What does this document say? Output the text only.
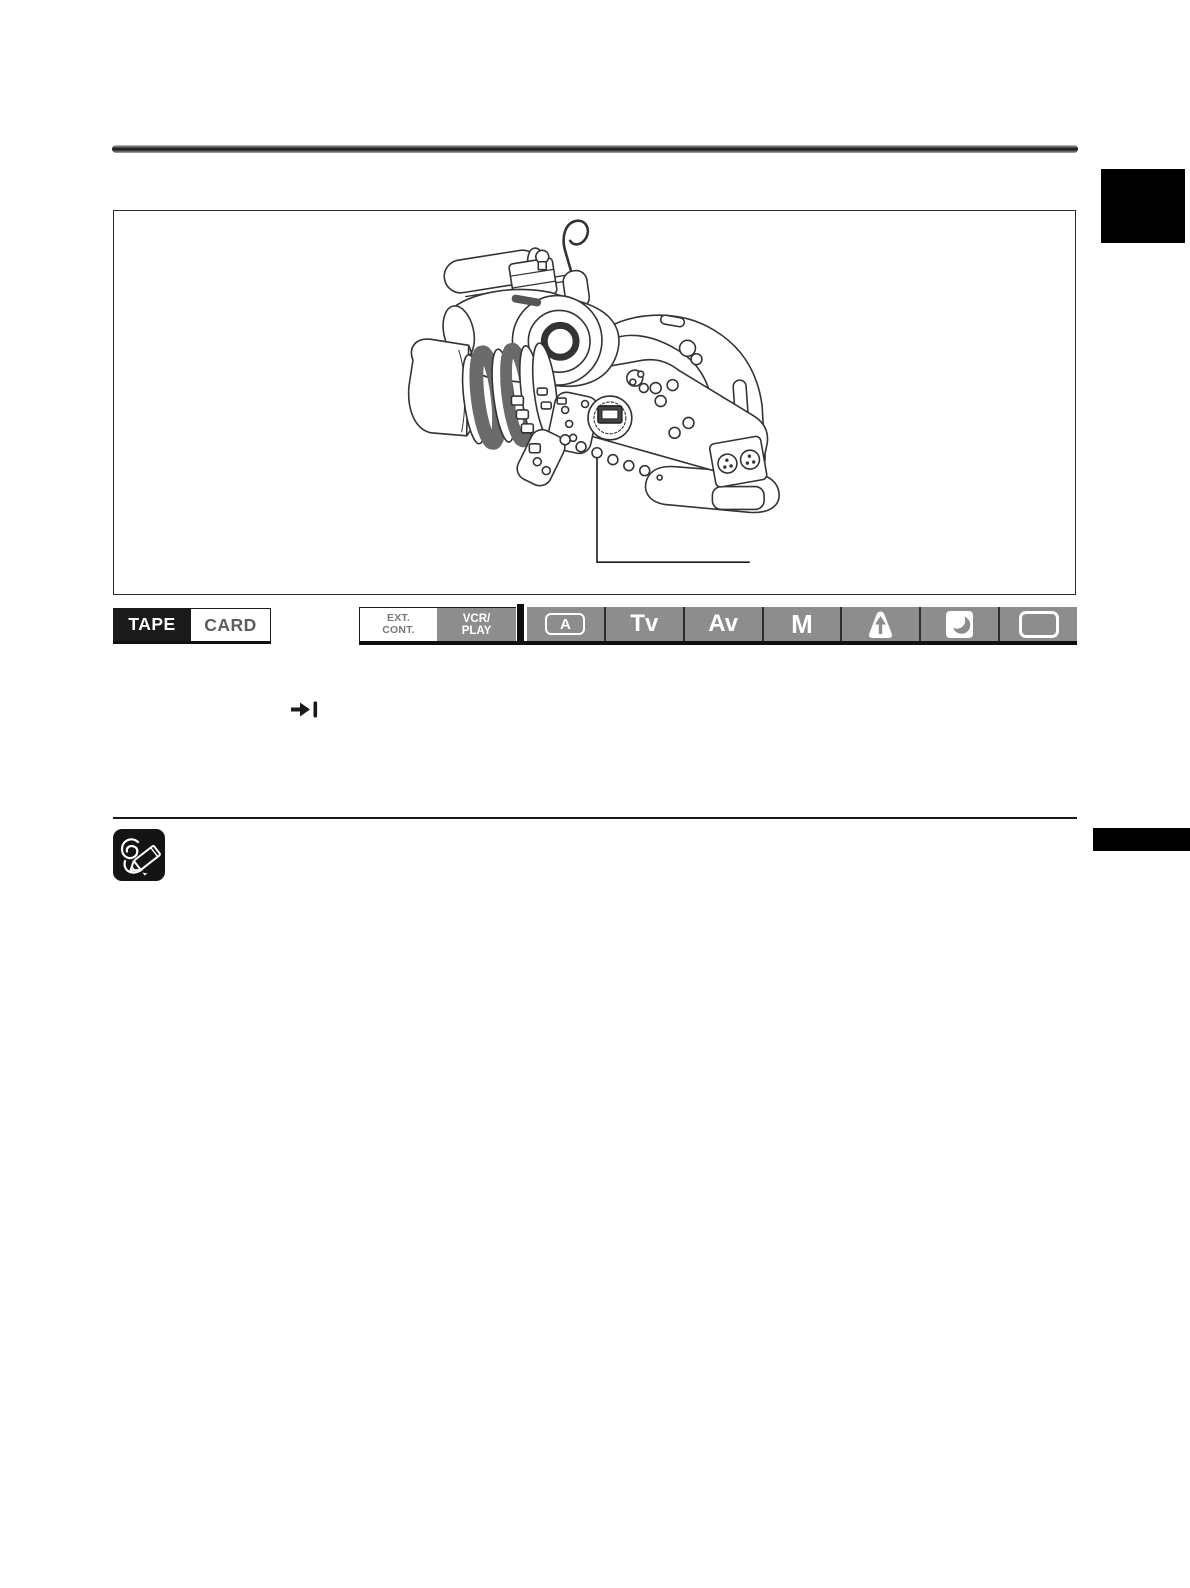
TAPE CARD	EXT.
CONT.
VCR/
PLAY	A	Tv Av M
